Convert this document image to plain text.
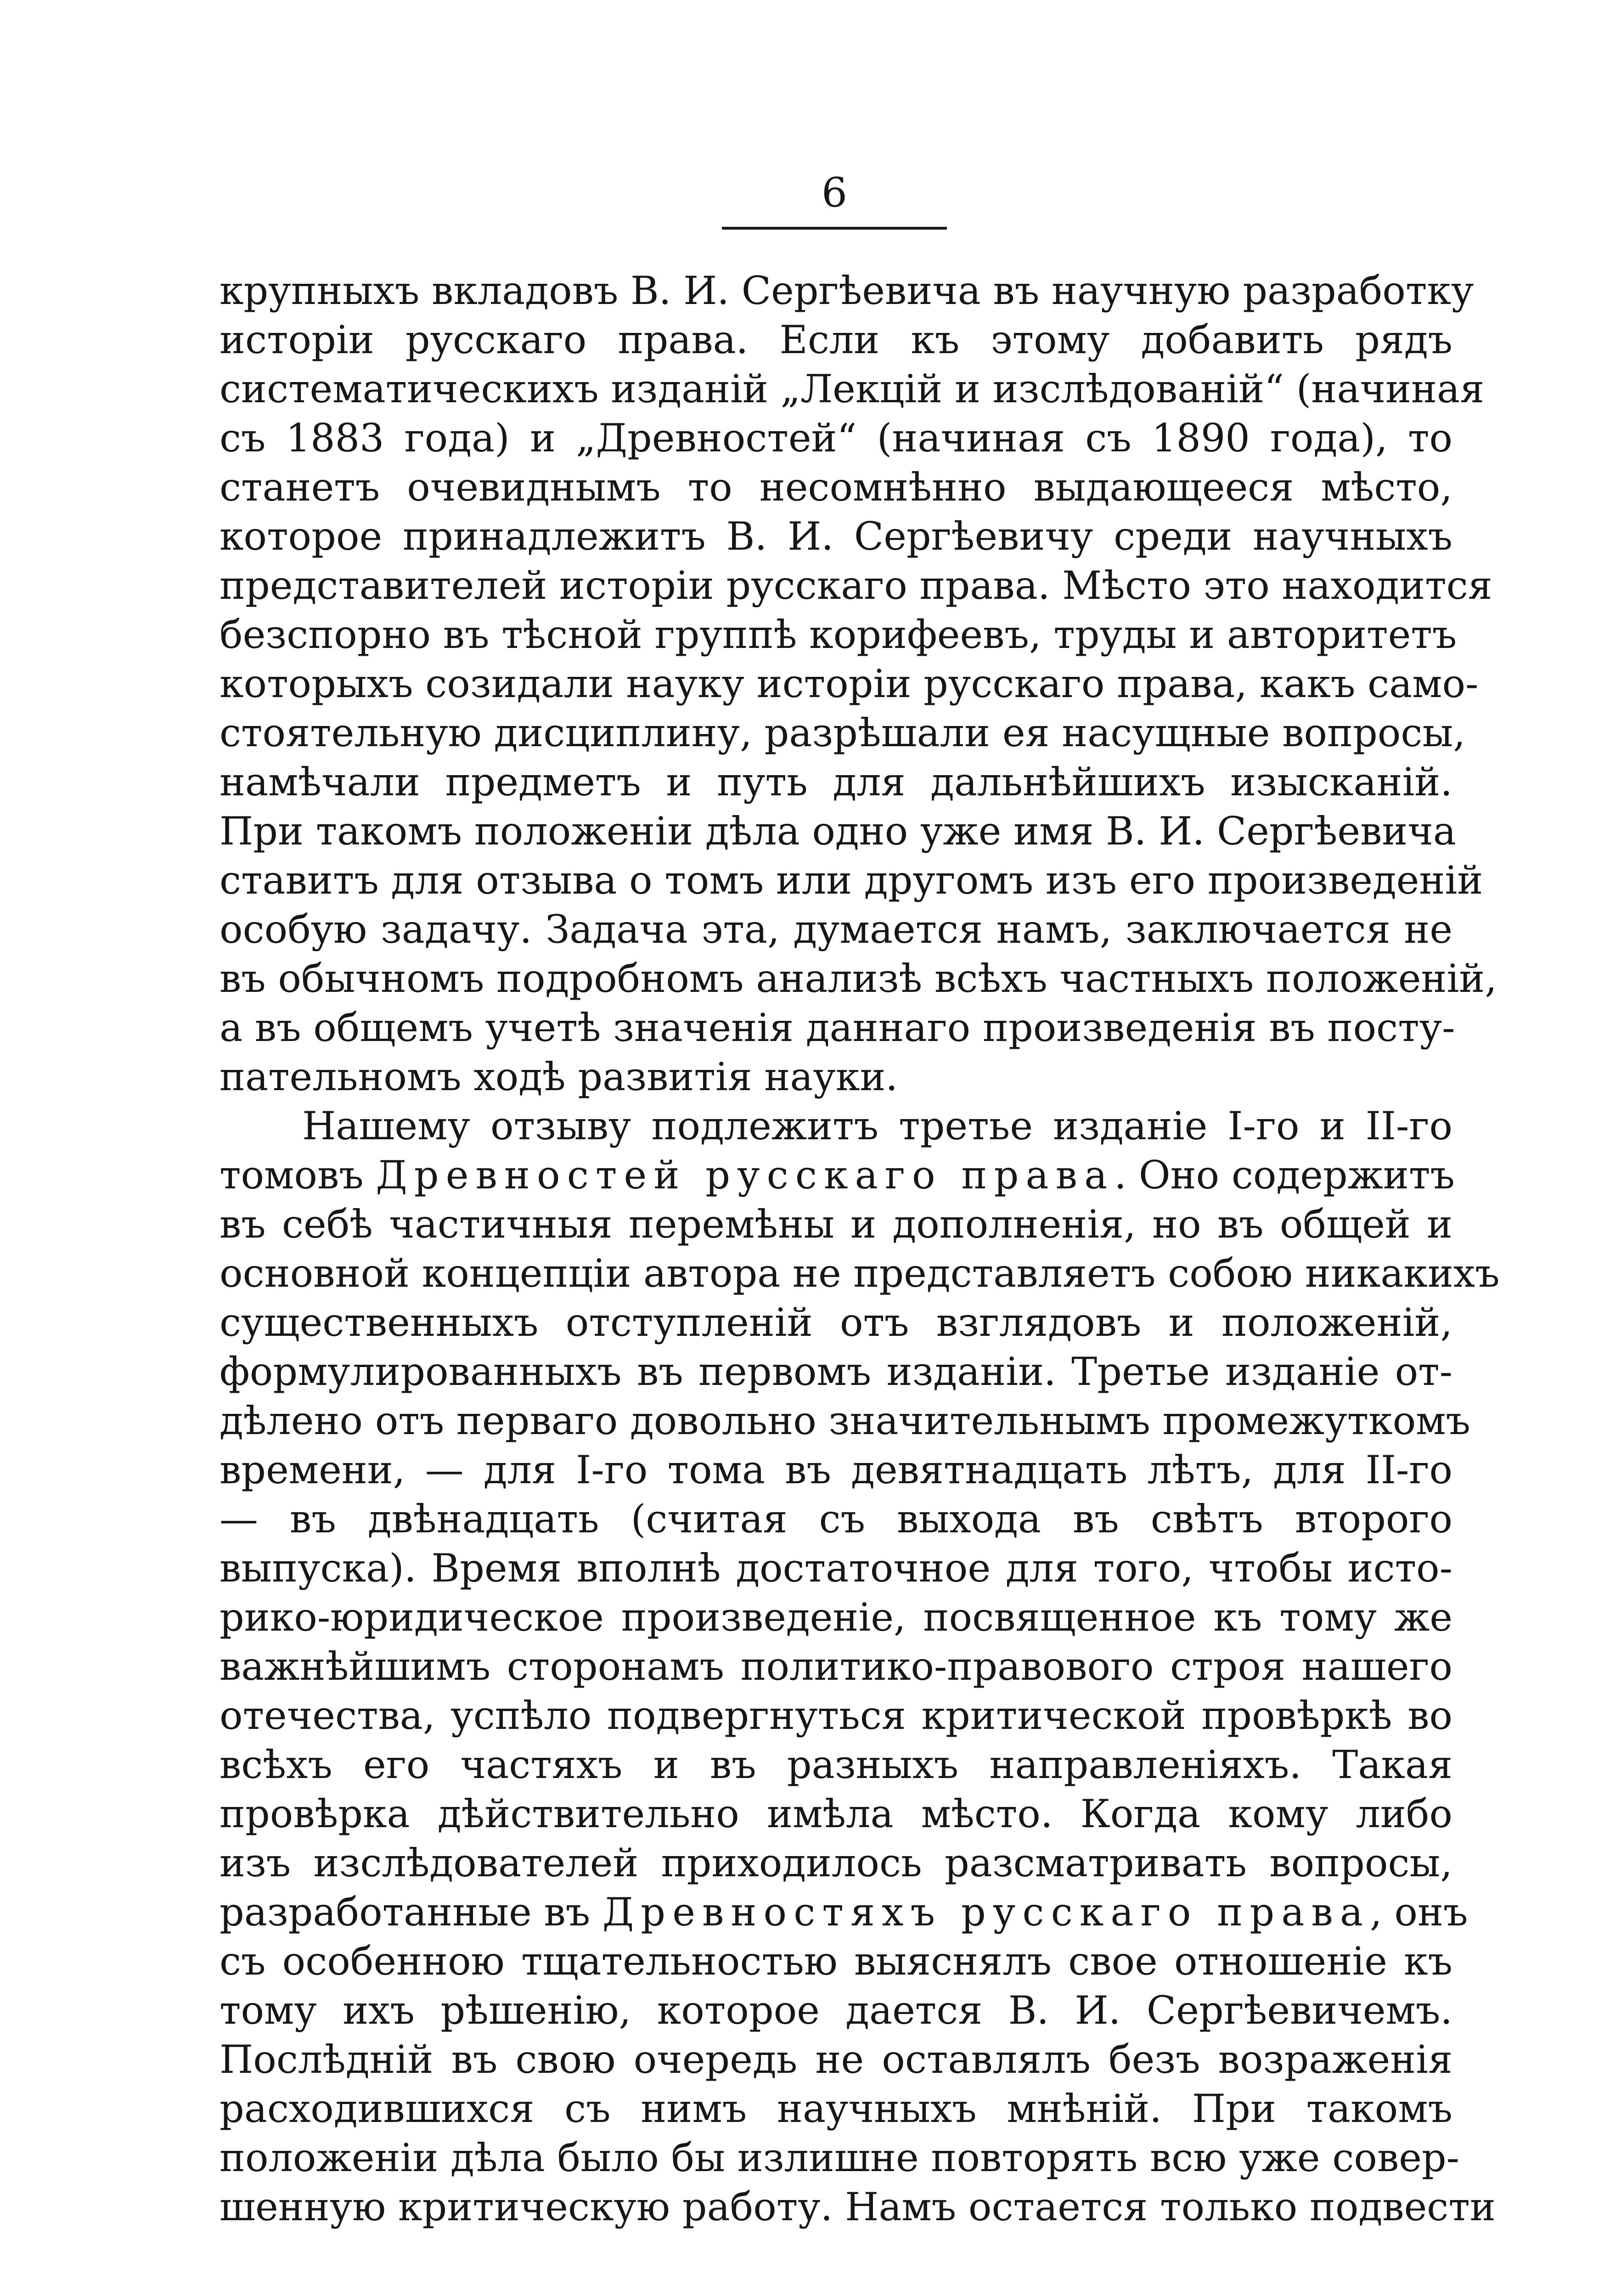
6
крупныхъ вкладовъ В. И. Сергѣевича въ научную разработку
исторіи русскаго права. Если къ этому добавить рядъ
систематическихъ изданій „Лекцій и изслѣдованій“ (начиная
съ 1883 года) и „Древностей“ (начиная съ 1890 года), то
станетъ очевиднымъ то несомнѣнно выдающееся мѣсто,
которое принадлежитъ В. И. Сергѣевичу среди научныхъ
представителей исторіи русскаго права. Мѣсто это находится
безспорно въ тѣсной группѣ корифеевъ, труды и авторитетъ
которыхъ созидали науку исторіи русскаго права, какъ само-
стоятельную дисциплину, разрѣшали ея насущные вопросы,
намѣчали предметъ и путь для дальнѣйшихъ изысканій.
При такомъ положеніи дѣла одно уже имя В. И. Сергѣевича
ставитъ для отзыва о томъ или другомъ изъ его произведеній
особую задачу. Задача эта, думается намъ, заключается не
въ обычномъ подробномъ анализѣ всѣхъ частныхъ положеній,
а въ общемъ учетѣ значенія даннаго произведенія въ посту-
пательномъ ходѣ развитія науки.
Нашему отзыву подлежитъ третье изданіе I-го и II-го
томовъ Древностей русскаго права. Оно содержитъ
въ себѣ частичныя перемѣны и дополненія, но въ общей и
основной концепціи автора не представляетъ собою никакихъ
существенныхъ отступленій отъ взглядовъ и положеній,
формулированныхъ въ первомъ изданіи. Третье изданіе от-
дѣлено отъ перваго довольно значительнымъ промежуткомъ
времени, — для I-го тома въ девятнадцать лѣтъ, для II-го
— въ двѣнадцать (считая съ выхода въ свѣтъ второго
выпуска). Время вполнѣ достаточное для того, чтобы исто-
рико-юридическое произведеніе, посвященное къ тому же
важнѣйшимъ сторонамъ политико-правового строя нашего
отечества, успѣло подвергнуться критической провѣркѣ во
всѣхъ его частяхъ и въ разныхъ направленіяхъ. Такая
провѣрка дѣйствительно имѣла мѣсто. Когда кому либо
изъ изслѣдователей приходилось разсматривать вопросы,
разработанные въ Древностяхъ русскаго права, онъ
съ особенною тщательностью выяснялъ свое отношеніе къ
тому ихъ рѣшенію, которое дается В. И. Сергѣевичемъ.
Послѣдній въ свою очередь не оставлялъ безъ возраженія
расходившихся съ нимъ научныхъ мнѣній. При такомъ
положеніи дѣла было бы излишне повторять всю уже совер-
шенную критическую работу. Намъ остается только подвести
